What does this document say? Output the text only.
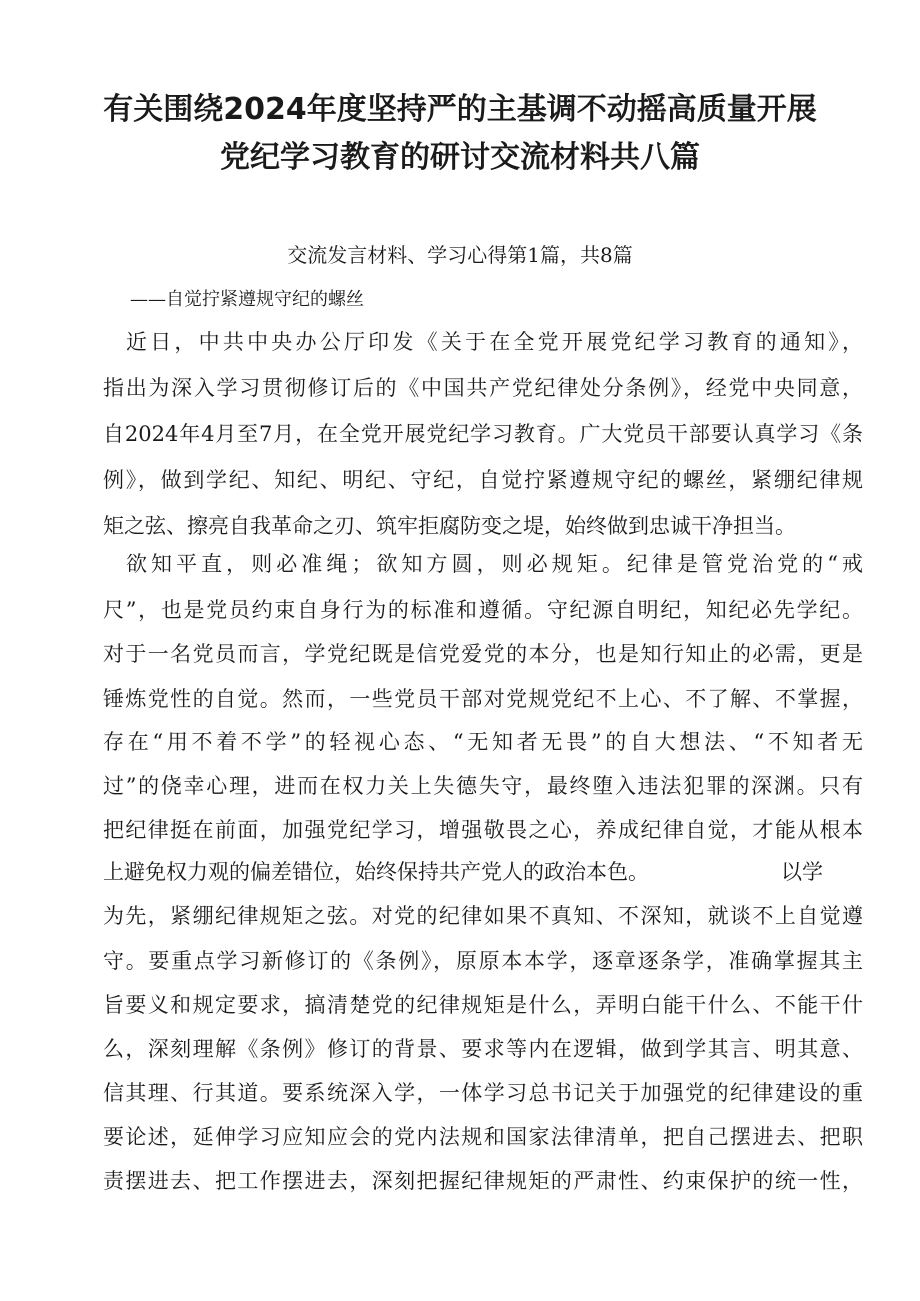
有关围绕2024年度坚持严的主基调不动摇高质量开展
党纪学习教育的研讨交流材料共八篇
交流发言材料、学习心得第1篇，共8篇
——自觉拧紧遵规守纪的螺丝
近日，中共中央办公厅印发《关于在全党开展党纪学习教育的通知》，
指出为深入学习贯彻修订后的《中国共产党纪律处分条例》，经党中央同意，
自2024年4月至7月，在全党开展党纪学习教育。广大党员干部要认真学习《条
例》，做到学纪、知纪、明纪、守纪，自觉拧紧遵规守纪的螺丝，紧绷纪律规
矩之弦、擦亮自我革命之刃、筑牢拒腐防变之堤，始终做到忠诚干净担当。
欲知平直，则必准绳；欲知方圆，则必规矩。纪律是管党治党的“戒
尺”，也是党员约束自身行为的标准和遵循。守纪源自明纪，知纪必先学纪。
对于一名党员而言，学党纪既是信党爱党的本分，也是知行知止的必需，更是
锤炼党性的自觉。然而，一些党员干部对党规党纪不上心、不了解、不掌握，
存在“用不着不学”的轻视心态、“无知者无畏”的自大想法、“不知者无
过”的侥幸心理，进而在权力关上失德失守，最终堕入违法犯罪的深渊。只有
把纪律挺在前面，加强党纪学习，增强敬畏之心，养成纪律自觉，才能从根本
上避免权力观的偏差错位，始终保持共产党人的政治本色。	以学
为先，紧绷纪律规矩之弦。对党的纪律如果不真知、不深知，就谈不上自觉遵
守。要重点学习新修订的《条例》，原原本本学，逐章逐条学，准确掌握其主
旨要义和规定要求，搞清楚党的纪律规矩是什么，弄明白能干什么、不能干什
么，深刻理解《条例》修订的背景、要求等内在逻辑，做到学其言、明其意、
信其理、行其道。要系统深入学，一体学习总书记关于加强党的纪律建设的重
要论述，延伸学习应知应会的党内法规和国家法律清单，把自己摆进去、把职
责摆进去、把工作摆进去，深刻把握纪律规矩的严肃性、约束保护的统一性，
